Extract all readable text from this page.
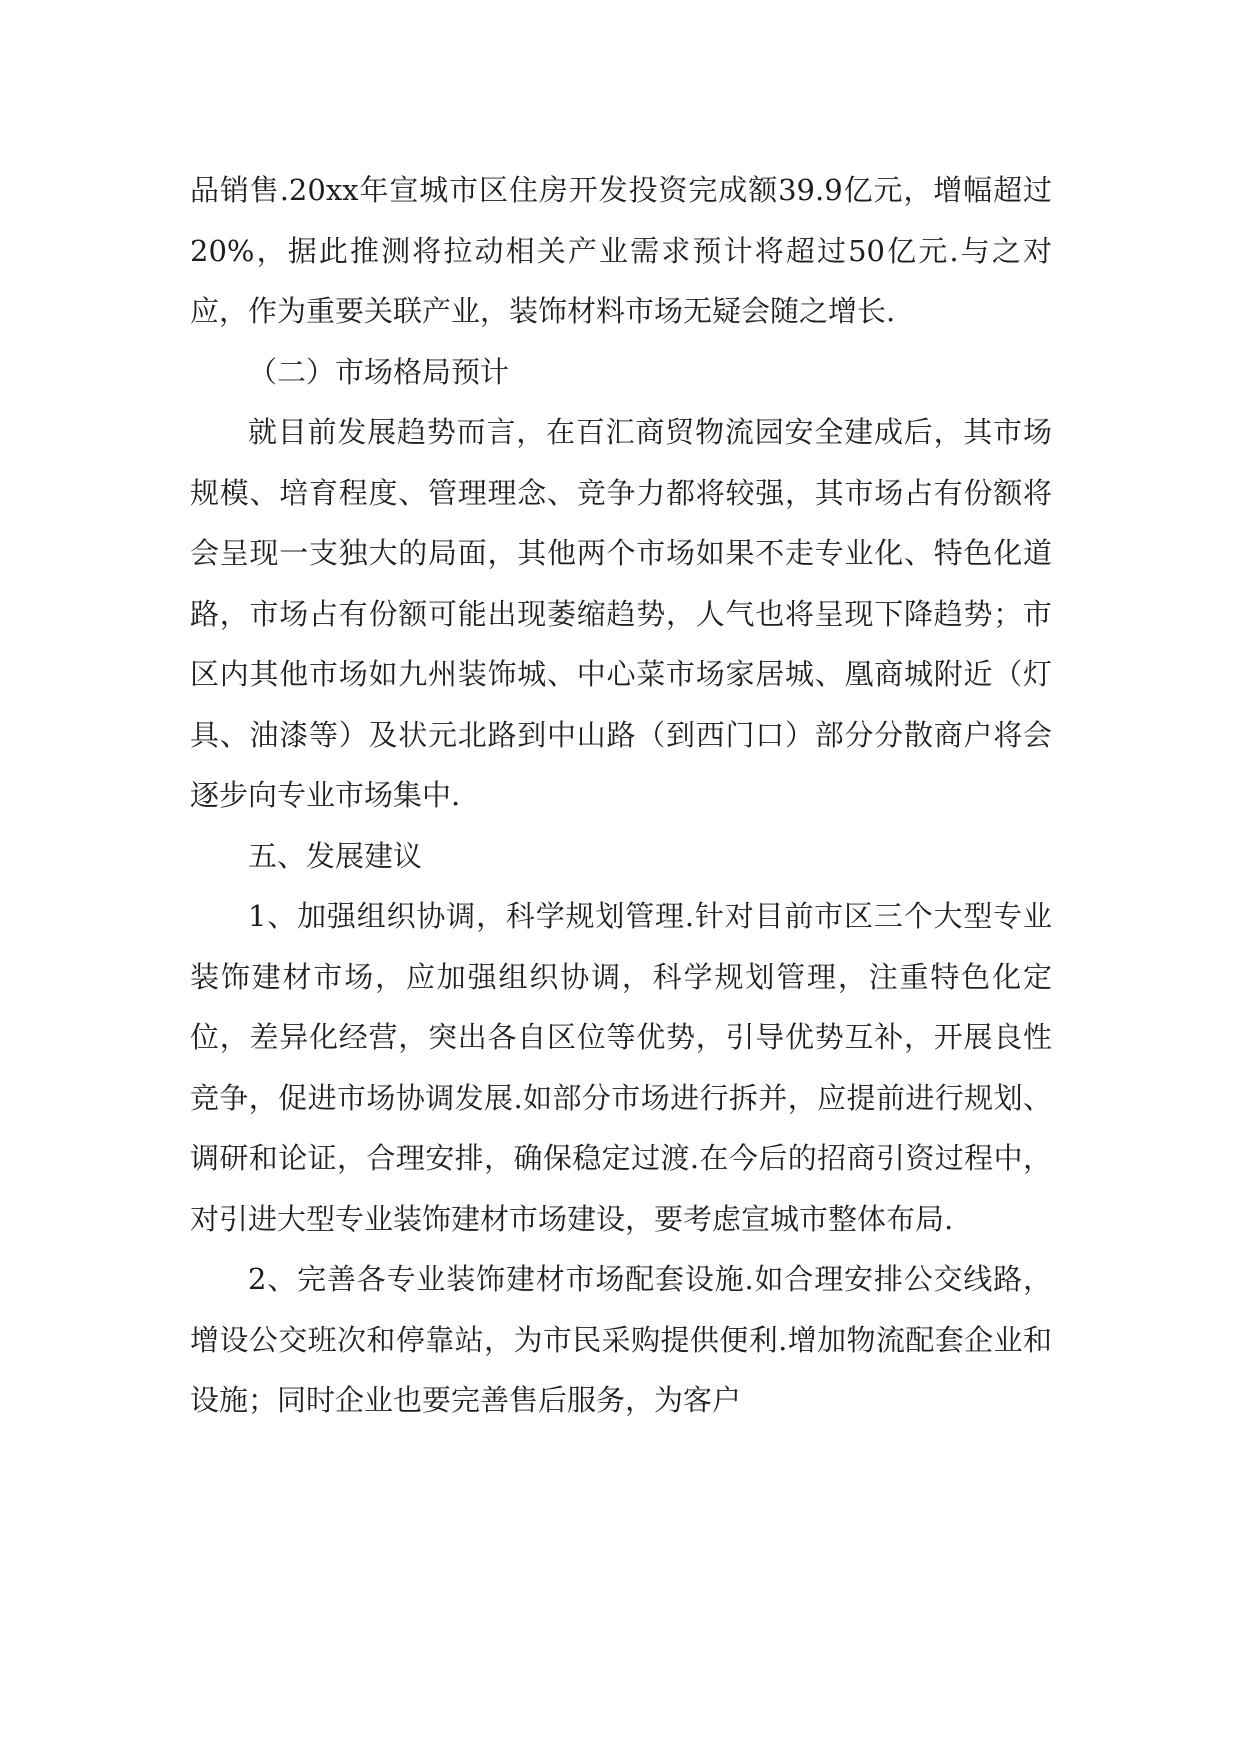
品销售.20xx年宣城市区住房开发投资完成额39.9亿元，增幅超过20%，据此推测将拉动相关产业需求预计将超过50亿元.与之对应，作为重要关联产业，装饰材料市场无疑会随之增长.

（二）市场格局预计

就目前发展趋势而言，在百汇商贸物流园安全建成后，其市场规模、培育程度、管理理念、竞争力都将较强，其市场占有份额将会呈现一支独大的局面，其他两个市场如果不走专业化、特色化道路，市场占有份额可能出现萎缩趋势，人气也将呈现下降趋势；市区内其他市场如九州装饰城、中心菜市场家居城、凰商城附近（灯具、油漆等）及状元北路到中山路（到西门口）部分分散商户将会逐步向专业市场集中.

五、发展建议

1、加强组织协调，科学规划管理.针对目前市区三个大型专业装饰建材市场，应加强组织协调，科学规划管理，注重特色化定位，差异化经营，突出各自区位等优势，引导优势互补，开展良性竞争，促进市场协调发展.如部分市场进行拆并，应提前进行规划、调研和论证，合理安排，确保稳定过渡.在今后的招商引资过程中，对引进大型专业装饰建材市场建设，要考虑宣城市整体布局.

2、完善各专业装饰建材市场配套设施.如合理安排公交线路，增设公交班次和停靠站，为市民采购提供便利.增加物流配套企业和设施；同时企业也要完善售后服务，为客户
